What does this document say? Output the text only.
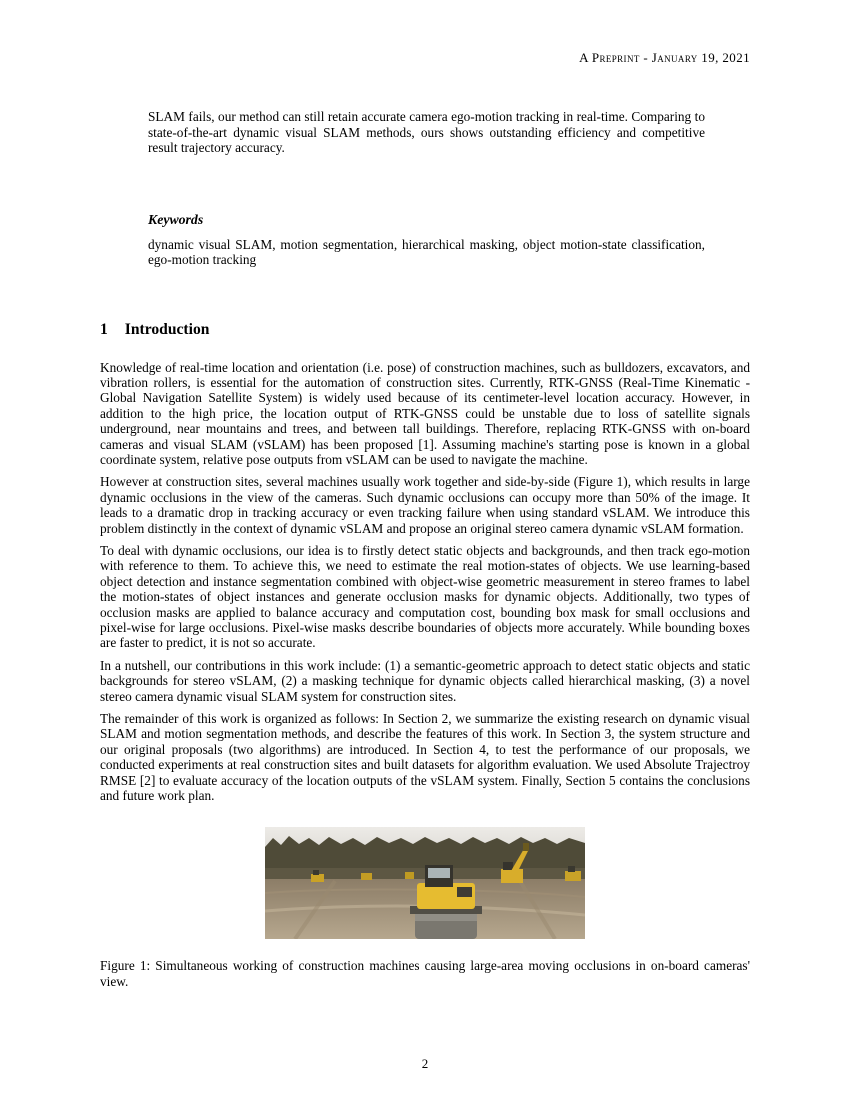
A Preprint - January 19, 2021

SLAM fails, our method can still retain accurate camera ego-motion tracking in real-time. Comparing to state-of-the-art dynamic visual SLAM methods, ours shows outstanding efficiency and competitive result trajectory accuracy.

Keywords

dynamic visual SLAM, motion segmentation, hierarchical masking, object motion-state classification, ego-motion tracking

1 Introduction

Knowledge of real-time location and orientation (i.e. pose) of construction machines, such as bulldozers, excavators, and vibration rollers, is essential for the automation of construction sites. Currently, RTK-GNSS (Real-Time Kinematic - Global Navigation Satellite System) is widely used because of its centimeter-level location accuracy. However, in addition to the high price, the location output of RTK-GNSS could be unstable due to loss of satellite signals underground, near mountains and trees, and between tall buildings. Therefore, replacing RTK-GNSS with on-board cameras and visual SLAM (vSLAM) has been proposed [1]. Assuming machine's starting pose is known in a global coordinate system, relative pose outputs from vSLAM can be used to navigate the machine.

However at construction sites, several machines usually work together and side-by-side (Figure 1), which results in large dynamic occlusions in the view of the cameras. Such dynamic occlusions can occupy more than 50% of the image. It leads to a dramatic drop in tracking accuracy or even tracking failure when using standard vSLAM. We introduce this problem distinctly in the context of dynamic vSLAM and propose an original stereo camera dynamic vSLAM formation.

To deal with dynamic occlusions, our idea is to firstly detect static objects and backgrounds, and then track ego-motion with reference to them. To achieve this, we need to estimate the real motion-states of objects. We use learning-based object detection and instance segmentation combined with object-wise geometric measurement in stereo frames to label the motion-states of object instances and generate occlusion masks for dynamic objects. Additionally, two types of occlusion masks are applied to balance accuracy and computation cost, bounding box mask for small occlusions and pixel-wise for large occlusions. Pixel-wise masks describe boundaries of objects more accurately. While bounding boxes are faster to predict, it is not so accurate.

In a nutshell, our contributions in this work include: (1) a semantic-geometric approach to detect static objects and static backgrounds for stereo vSLAM, (2) a masking technique for dynamic objects called hierarchical masking, (3) a novel stereo camera dynamic visual SLAM system for construction sites.

The remainder of this work is organized as follows: In Section 2, we summarize the existing research on dynamic visual SLAM and motion segmentation methods, and describe the features of this work. In Section 3, the system structure and our original proposals (two algorithms) are introduced. In Section 4, to test the performance of our proposals, we conducted experiments at real construction sites and built datasets for algorithm evaluation. We used Absolute Trajectroy RMSE [2] to evaluate accuracy of the location outputs of the vSLAM system. Finally, Section 5 contains the conclusions and future work plan.

Figure 1: Simultaneous working of construction machines causing large-area moving occlusions in on-board cameras' view.

2
